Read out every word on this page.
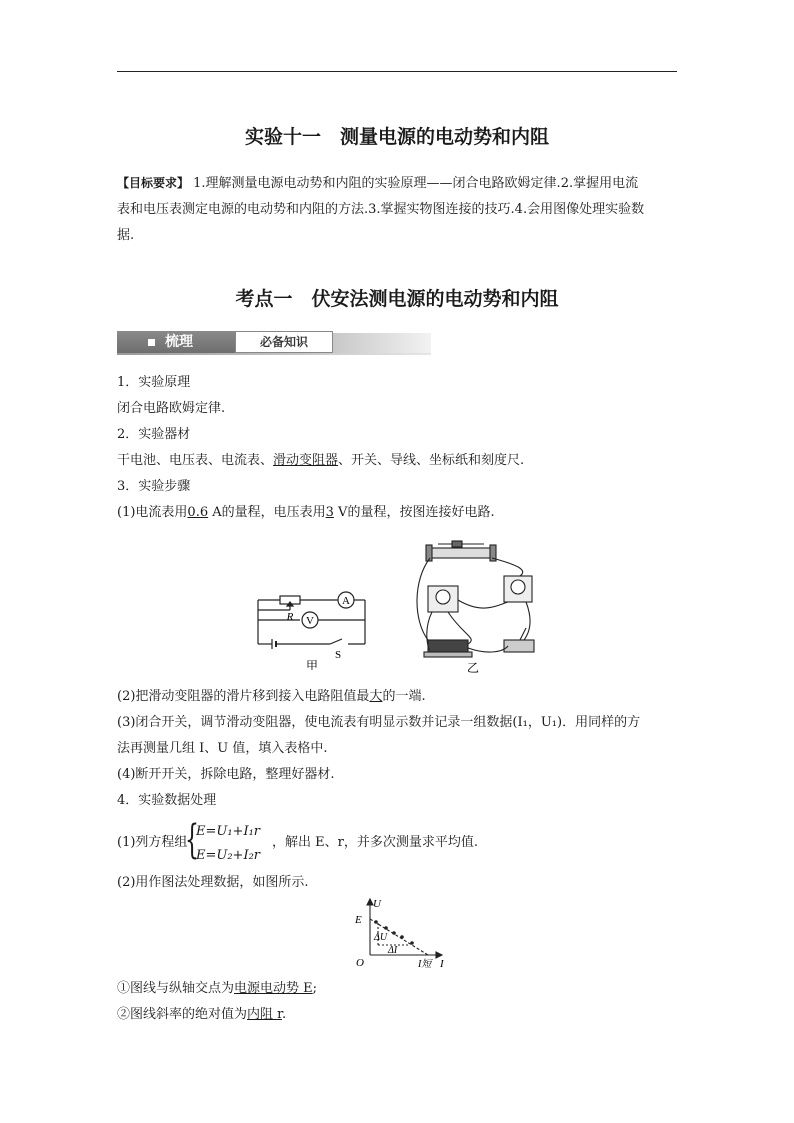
实验十一　测量电源的电动势和内阻
【目标要求】 1.理解测量电源电动势和内阻的实验原理——闭合电路欧姆定律.2.掌握用电流
表和电压表测定电源的电动势和内阻的方法.3.掌握实物图连接的技巧.4.会用图像处理实验数
据.
考点一　伏安法测电源的电动势和内阻
梳理	必备知识
1．实验原理
闭合电路欧姆定律.
2．实验器材
干电池、电压表、电流表、滑动变阻器、开关、导线、坐标纸和刻度尺.
3．实验步骤
(1)电流表用0.6 A的量程，电压表用3 V的量程，按图连接好电路.
A
V
R
S
甲	乙
(2)把滑动变阻器的滑片移到接入电路阻值最大的一端.
(3)闭合开关，调节滑动变阻器，使电流表有明显示数并记录一组数据(I₁，U₁)．用同样的方
法再测量几组 I、U 值，填入表格中.
(4)断开开关，拆除电路，整理好器材.
4．实验数据处理
(1)列方程组
{
E=U₁+I₁r
E=U₂+I₂r
，解出 E、r，并多次测量求平均值.
(2)用作图法处理数据，如图所示.
U
E
O	I
ΔU
ΔI
I短
①图线与纵轴交点为电源电动势 E;
②图线斜率的绝对值为内阻 r.
